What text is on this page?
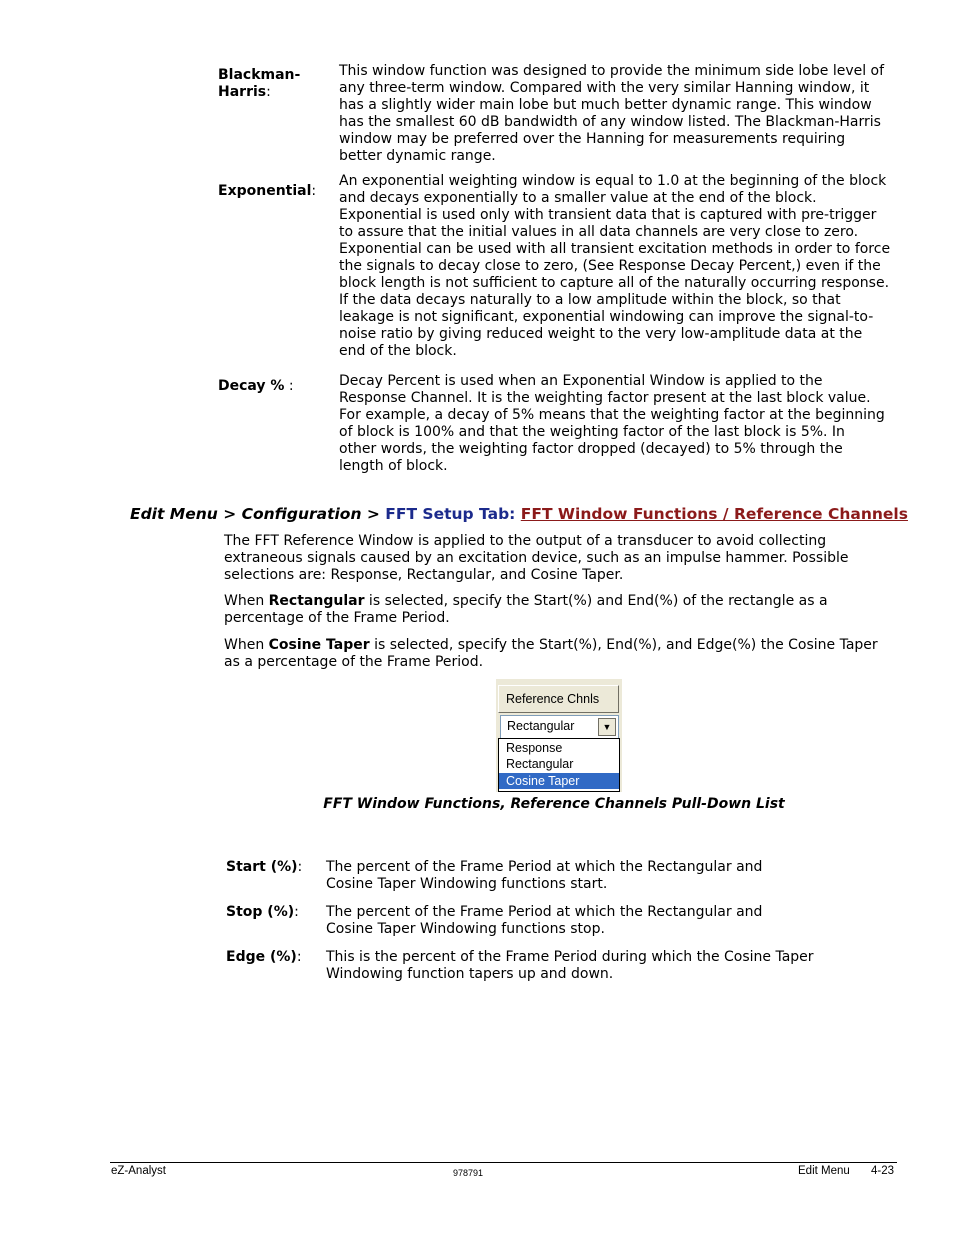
Blackman-
Harris:
This window function was designed to provide the minimum side lobe level of
any three-term window. Compared with the very similar Hanning window, it
has a slightly wider main lobe but much better dynamic range. This window
has the smallest 60 dB bandwidth of any window listed. The Blackman-Harris
window may be preferred over the Hanning for measurements requiring
better dynamic range.
Exponential:
An exponential weighting window is equal to 1.0 at the beginning of the block
and decays exponentially to a smaller value at the end of the block.
Exponential is used only with transient data that is captured with pre-trigger
to assure that the initial values in all data channels are very close to zero.
Exponential can be used with all transient excitation methods in order to force
the signals to decay close to zero, (See Response Decay Percent,) even if the
block length is not sufficient to capture all of the naturally occurring response.
If the data decays naturally to a low amplitude within the block, so that
leakage is not significant, exponential windowing can improve the signal-to-
noise ratio by giving reduced weight to the very low-amplitude data at the
end of the block.
Decay % :	Decay Percent is used when an Exponential Window is applied to the
Response Channel. It is the weighting factor present at the last block value.
For example, a decay of 5% means that the weighting factor at the beginning
of block is 100% and that the weighting factor of the last block is 5%. In
other words, the weighting factor dropped (decayed) to 5% through the
length of block.
Edit Menu > Configuration > FFT Setup Tab: FFT Window Functions / Reference Channels
The FFT Reference Window is applied to the output of a transducer to avoid collecting extraneous signals caused by an excitation device, such as an impulse hammer. Possible selections are: Response, Rectangular, and Cosine Taper.
When Rectangular is selected, specify the Start(%) and End(%) of the rectangle as a percentage of the Frame Period.
When Cosine Taper is selected, specify the Start(%), End(%), and Edge(%) the Cosine Taper as a percentage of the Frame Period.
Reference Chnls
Rectangular	▼
Response
Rectangular
Cosine Taper
FFT Window Functions, Reference Channels Pull-Down List
Start (%): The percent of the Frame Period at which the Rectangular and
Cosine Taper Windowing functions start.
Stop (%): The percent of the Frame Period at which the Rectangular and
Cosine Taper Windowing functions stop.
Edge (%): This is the percent of the Frame Period during which the Cosine Taper
Windowing function tapers up and down.
eZ-Analyst	978791	Edit Menu 4-23
